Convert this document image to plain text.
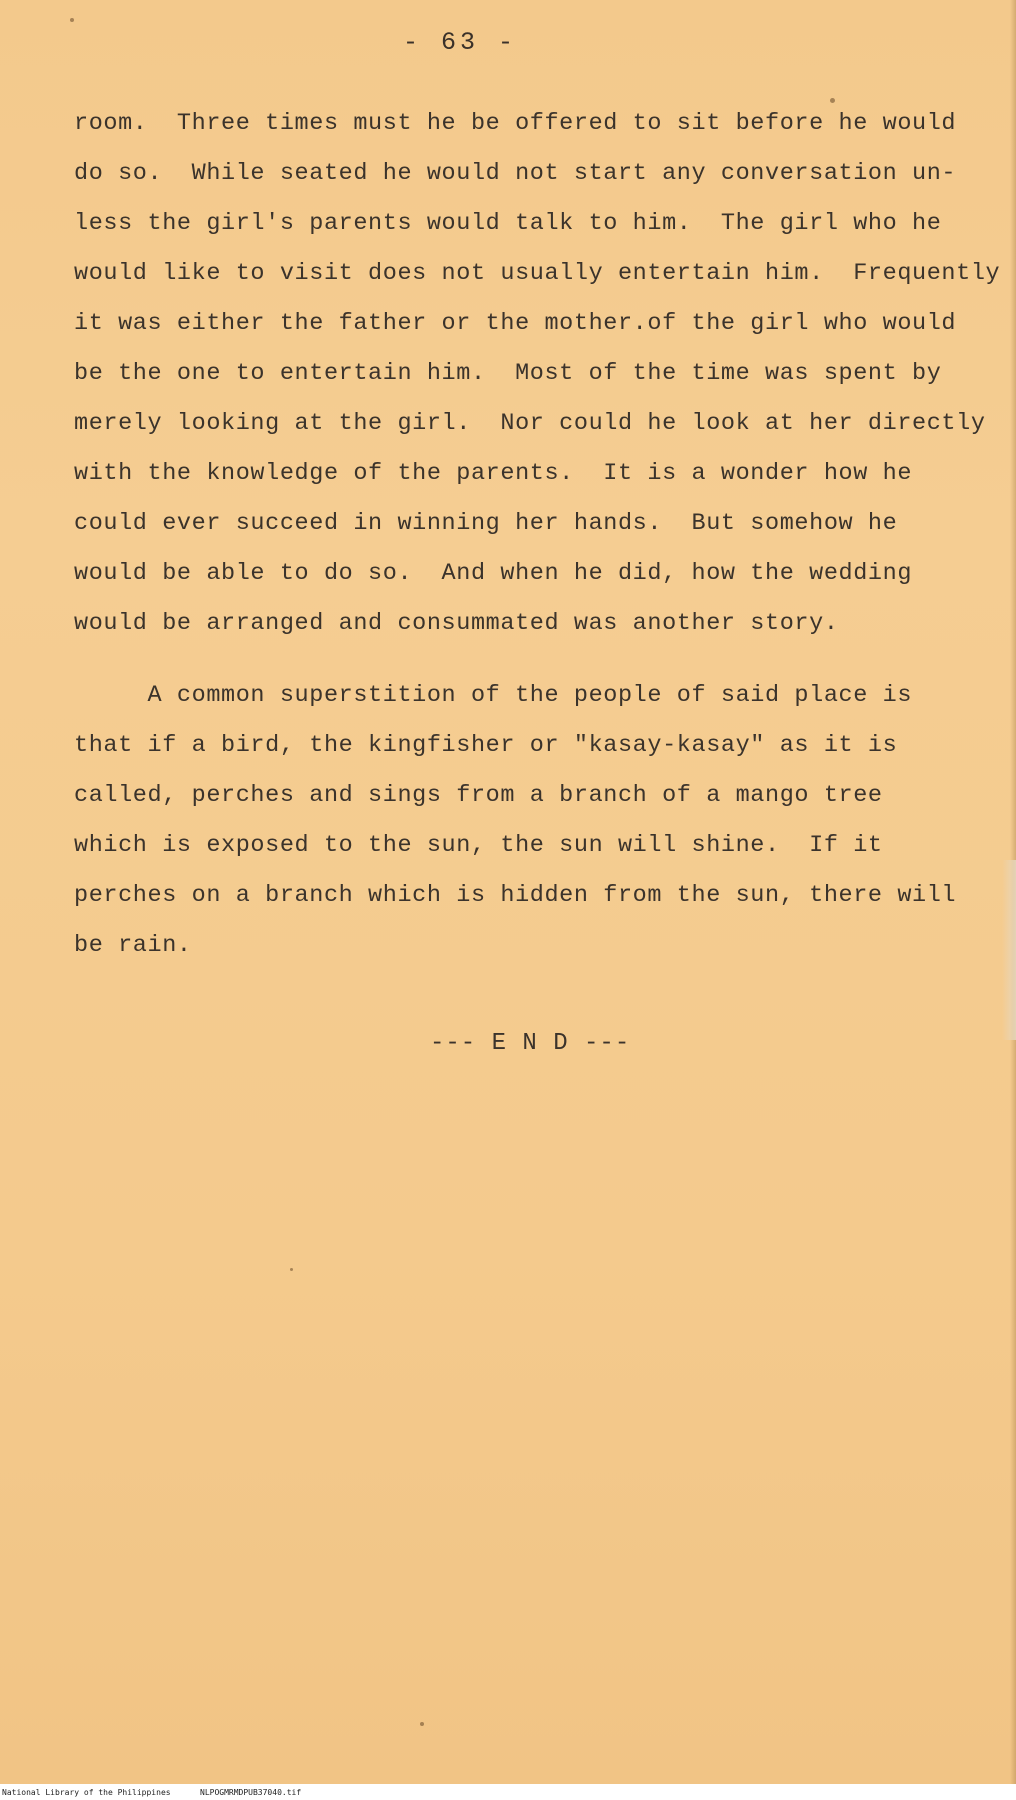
- 63 -
room.  Three times must he be offered to sit before he would
do so.  While seated he would not start any conversation un-
less the girl's parents would talk to him.  The girl who he
would like to visit does not usually entertain him.  Frequently
it was either the father or the mother.of the girl who would
be the one to entertain him.  Most of the time was spent by
merely looking at the girl.  Nor could he look at her directly
with the knowledge of the parents.  It is a wonder how he
could ever succeed in winning her hands.  But somehow he
would be able to do so.  And when he did, how the wedding
would be arranged and consummated was another story.
A common superstition of the people of said place is
that if a bird, the kingfisher or "kasay-kasay" as it is
called, perches and sings from a branch of a mango tree
which is exposed to the sun, the sun will shine.  If it
perches on a branch which is hidden from the sun, there will
be rain.
--- E N D ---
National Library of the Philippines	NLPOGMRMDPUB37040.tif
